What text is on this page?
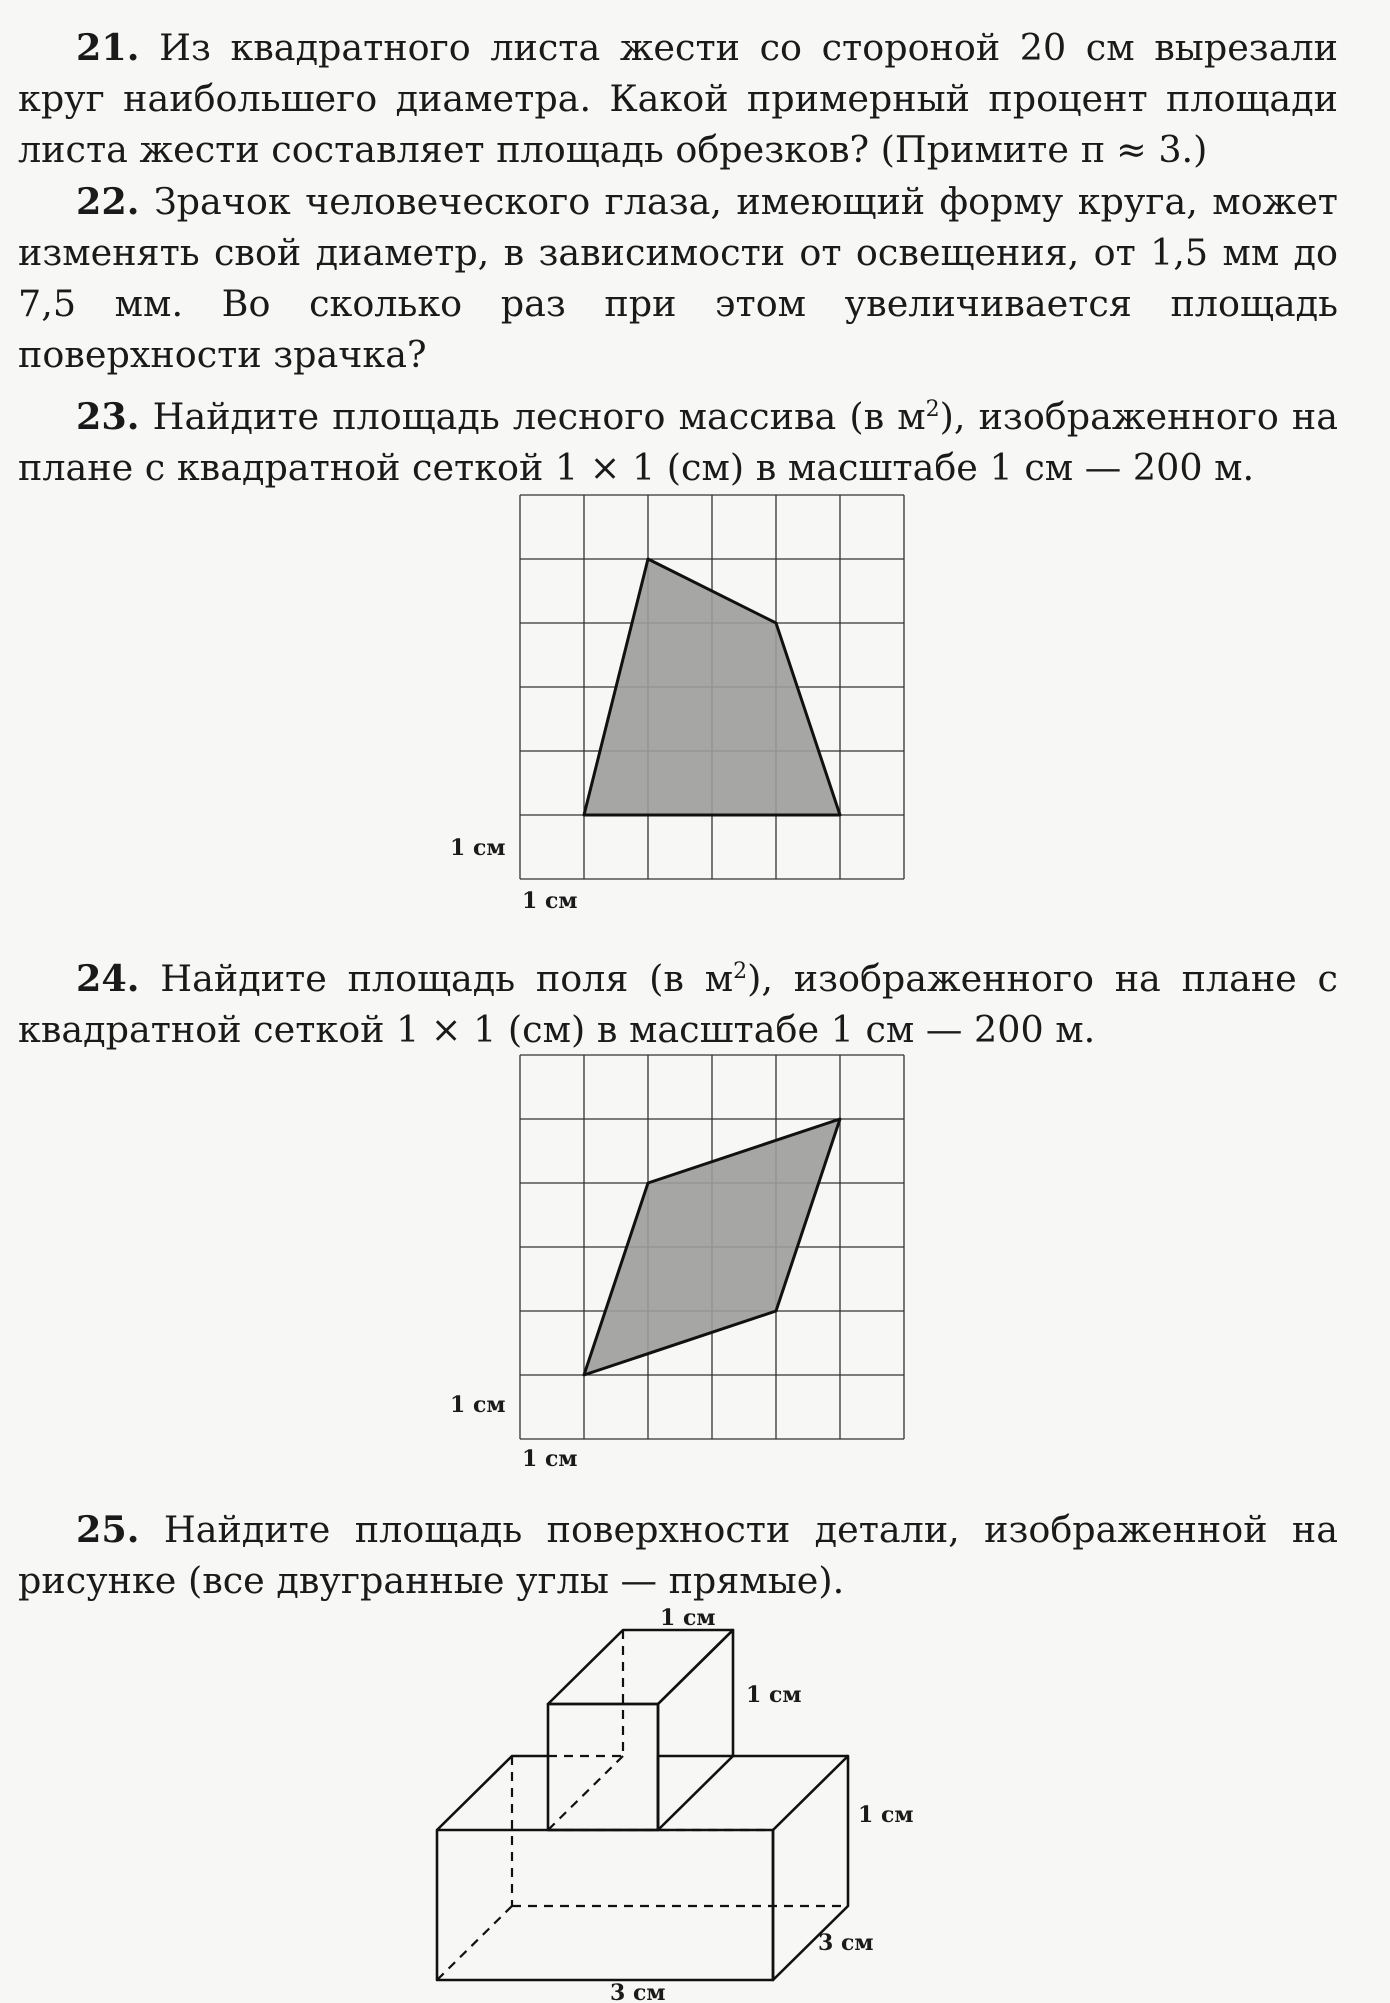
21. Из квадратного листа жести со стороной 20 см вырезали круг наибольшего диаметра. Какой примерный процент площади листа жести составляет площадь обрезков? (Примите π ≈ 3.)

22. Зрачок человеческого глаза, имеющий форму круга, может изменять свой диаметр, в зависимости от освещения, от 1,5 мм до 7,5 мм. Во сколько раз при этом увеличивается площадь поверхности зрачка?

23. Найдите площадь лесного массива (в $м^2$), изображенного на плане с квадратной сеткой 1 × 1 (см) в масштабе 1 см — 200 м.

1 см
1 см

24. Найдите площадь поля (в $м^2$), изображенного на плане с квадратной сеткой 1 × 1 (см) в масштабе 1 см — 200 м.

1 см
1 см

25. Найдите площадь поверхности детали, изображенной на рисунке (все двугранные углы — прямые).

1 см
1 см
1 см
3 см
3 см
